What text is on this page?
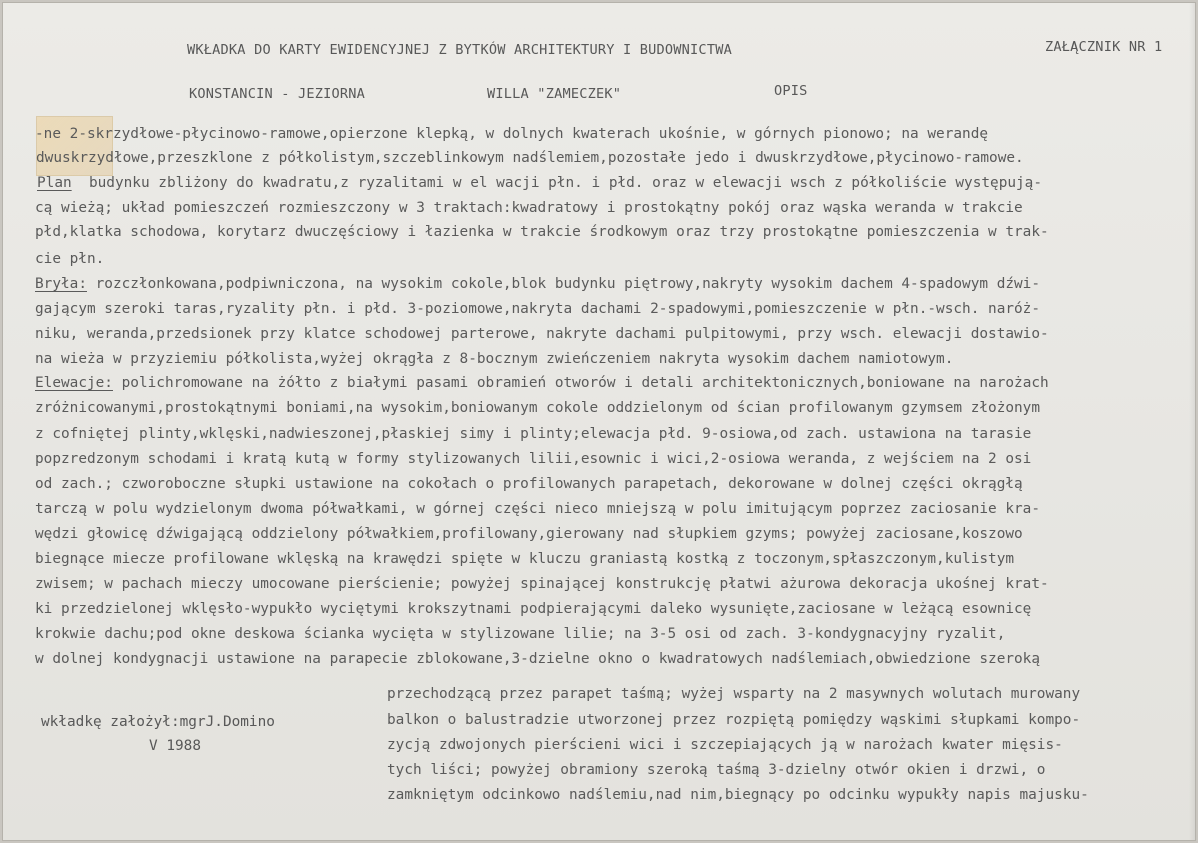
WKŁADKA DO KARTY EWIDENCYJNEJ Z BYTKÓW ARCHITEKTURY I BUDOWNICTWA	ZAŁĄCZNIK NR 1
KONSTANCIN - JEZIORNA	WILLA "ZAMECZEK"	OPIS
-ne 2-skrzydłowe-płycinowo-ramowe,opierzone klepką, w dolnych kwaterach ukośnie, w górnych pionowo; na werandę
dwuskrzydłowe,przeszklone z półkolistym,szczeblinkowym nadślemiem,pozostałe jedo i dwuskrzydłowe,płycinowo-ramowe.
Plan budynku zbliżony do kwadratu,z ryzalitami w el wacji płn. i płd. oraz w elewacji wsch z półkoliście występują-
cą wieżą; układ pomieszczeń rozmieszczony w 3 traktach:kwadratowy i prostokątny pokój oraz wąska weranda w trakcie
płd,klatka schodowa, korytarz dwuczęściowy i łazienka w trakcie środkowym oraz trzy prostokątne pomieszczenia w trak-
cie płn.
Bryła: rozczłonkowana,podpiwniczona, na wysokim cokole,blok budynku piętrowy,nakryty wysokim dachem 4-spadowym dźwi-
gającym szeroki taras,ryzality płn. i płd. 3-poziomowe,nakryta dachami 2-spadowymi,pomieszczenie w płn.-wsch. naróż-
niku, weranda,przedsionek przy klatce schodowej parterowe, nakryte dachami pulpitowymi, przy wsch. elewacji dostawio-
na wieża w przyziemiu półkolista,wyżej okrągła z 8-bocznym zwieńczeniem nakryta wysokim dachem namiotowym.
Elewacje: polichromowane na żółto z białymi pasami obramień otworów i detali architektonicznych,boniowane na narożach
zróżnicowanymi,prostokątnymi boniami,na wysokim,boniowanym cokole oddzielonym od ścian profilowanym gzymsem złożonym
z cofniętej plinty,wklęski,nadwieszonej,płaskiej simy i plinty;elewacja płd. 9-osiowa,od zach. ustawiona na tarasie
popzredzonym schodami i kratą kutą w formy stylizowanych lilii,esownic i wici,2-osiowa weranda, z wejściem na 2 osi
od zach.; czworoboczne słupki ustawione na cokołach o profilowanych parapetach, dekorowane w dolnej części okrągłą
tarczą w polu wydzielonym dwoma półwałkami, w górnej części nieco mniejszą w polu imitującym poprzez zaciosanie kra-
wędzi głowicę dźwigającą oddzielony półwałkiem,profilowany,gierowany nad słupkiem gzyms; powyżej zaciosane,koszowo
biegnące miecze profilowane wklęską na krawędzi spięte w kluczu graniastą kostką z toczonym,spłaszczonym,kulistym
zwisem; w pachach mieczy umocowane pierścienie; powyżej spinającej konstrukcję płatwi ażurowa dekoracja ukośnej krat-
ki przedzielonej wklęsło-wypukło wyciętymi krokszytnami podpierającymi daleko wysunięte,zaciosane w leżącą esownicę
krokwie dachu;pod okne deskowa ścianka wycięta w stylizowane lilie; na 3-5 osi od zach. 3-kondygnacyjny ryzalit,
w dolnej kondygnacji ustawione na parapecie zblokowane,3-dzielne okno o kwadratowych nadślemiach,obwiedzione szeroką
przechodzącą przez parapet taśmą; wyżej wsparty na 2 masywnych wolutach murowany
balkon o balustradzie utworzonej przez rozpiętą pomiędzy wąskimi słupkami kompo-
zycją zdwojonych pierścieni wici i szczepiających ją w narożach kwater mięsis-
tych liści; powyżej obramiony szeroką taśmą 3-dzielny otwór okien i drzwi, o
zamkniętym odcinkowo nadślemiu,nad nim,biegnący po odcinku wypukły napis majusku-
wkładkę założył:mgrJ.Domino
V 1988
